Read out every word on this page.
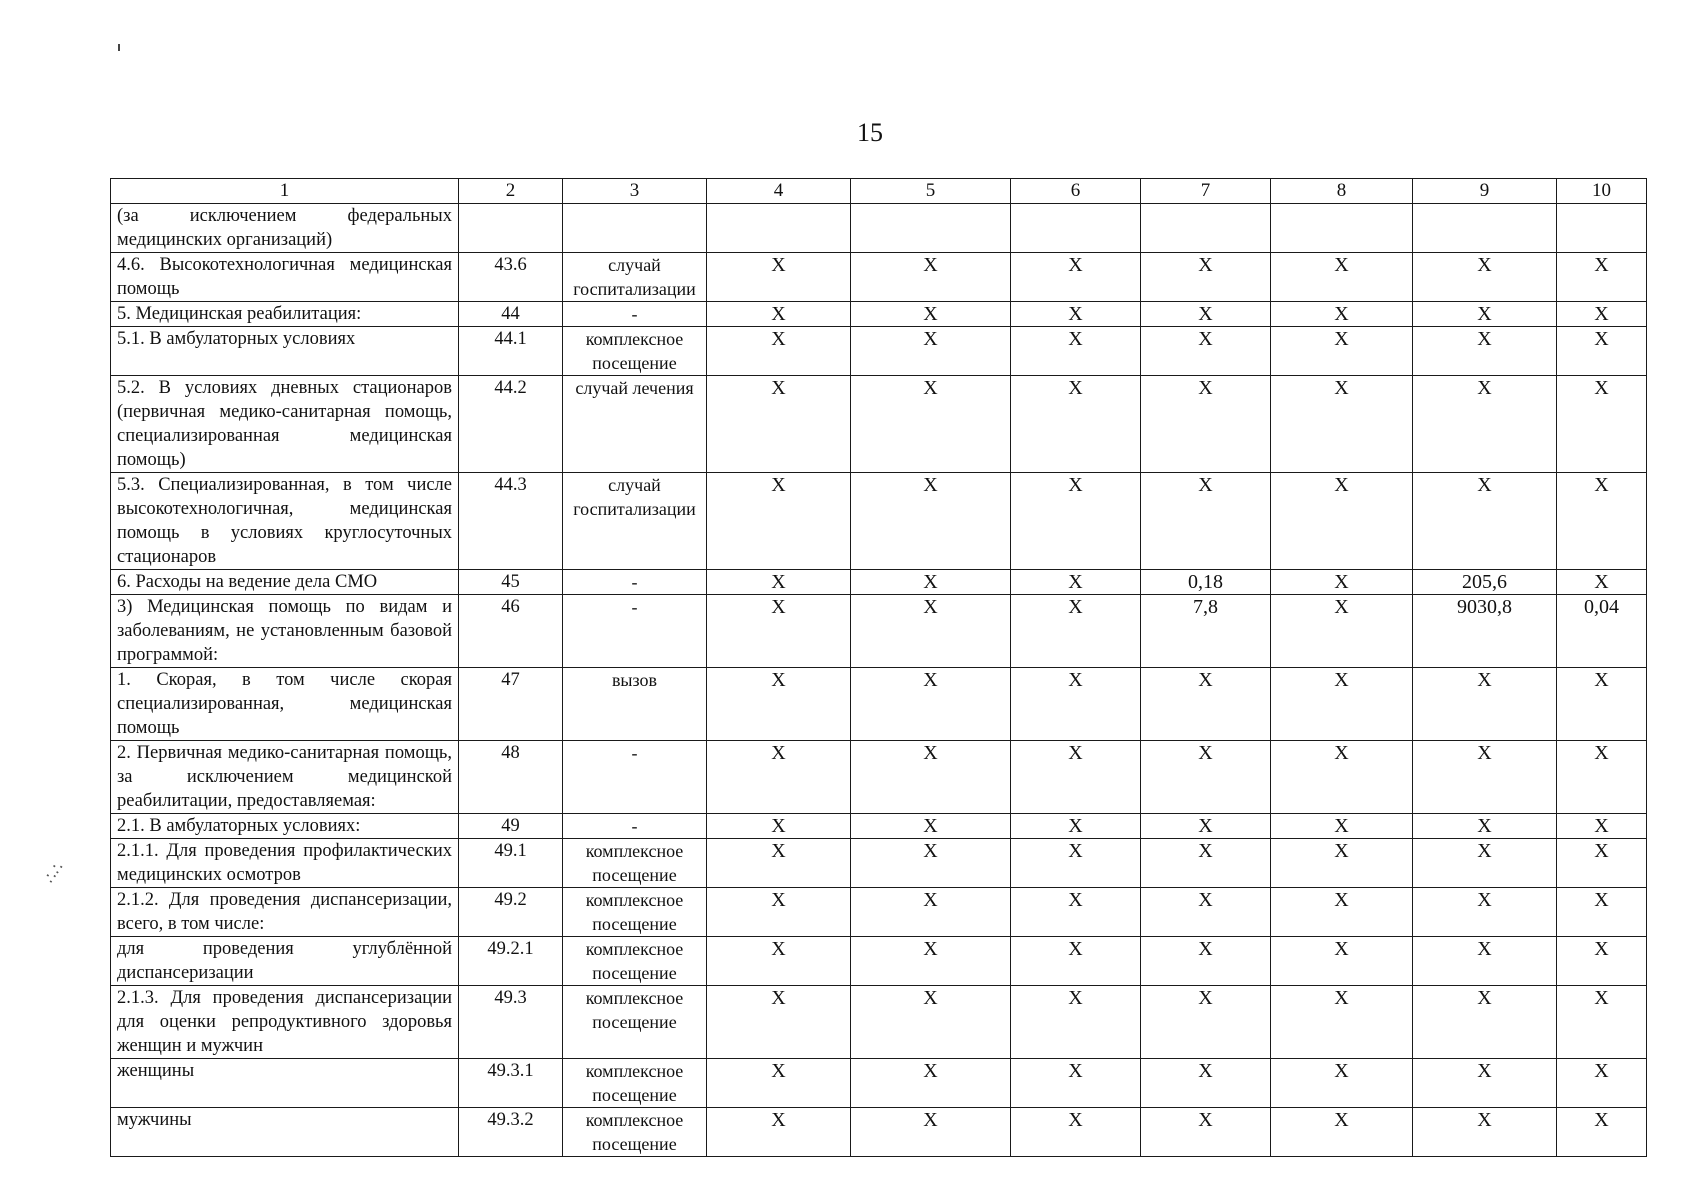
∴∴
15
1	2	3	4	5	6	7	8	9	10
(за исключением федеральных медицинских организаций)									
4.6. Высокотехнологичная медицинская помощь	43.6	случай госпитализации	X	X	X	X	X	X	X
5. Медицинская реабилитация:	44	-	X	X	X	X	X	X	X
5.1. В амбулаторных условиях	44.1	комплексное посещение	X	X	X	X	X	X	X
5.2. В условиях дневных стационаров (первичная медико-санитарная помощь, специализированная медицинская помощь)	44.2	случай лечения	X	X	X	X	X	X	X
5.3. Специализированная, в том числе высокотехнологичная, медицинская помощь в условиях круглосуточных стационаров	44.3	случай госпитализации	X	X	X	X	X	X	X
6. Расходы на ведение дела СМО	45	-	X	X	X	0,18	X	205,6	X
3) Медицинская помощь по видам и заболеваниям, не установленным базовой программой:	46	-	X	X	X	7,8	X	9030,8	0,04
1. Скорая, в том числе скорая специализированная, медицинская помощь	47	вызов	X	X	X	X	X	X	X
2. Первичная медико-санитарная помощь, за исключением медицинской реабилитации, предоставляемая:	48	-	X	X	X	X	X	X	X
2.1. В амбулаторных условиях:	49	-	X	X	X	X	X	X	X
2.1.1. Для проведения профилактических медицинских осмотров	49.1	комплексное посещение	X	X	X	X	X	X	X
2.1.2. Для проведения диспансеризации, всего, в том числе:	49.2	комплексное посещение	X	X	X	X	X	X	X
для проведения углублённой диспансеризации	49.2.1	комплексное посещение	X	X	X	X	X	X	X
2.1.3. Для проведения диспансеризации для оценки репродуктивного здоровья женщин и мужчин	49.3	комплексное посещение	X	X	X	X	X	X	X
женщины	49.3.1	комплексное посещение	X	X	X	X	X	X	X
мужчины	49.3.2	комплексное посещение	X	X	X	X	X	X	X
